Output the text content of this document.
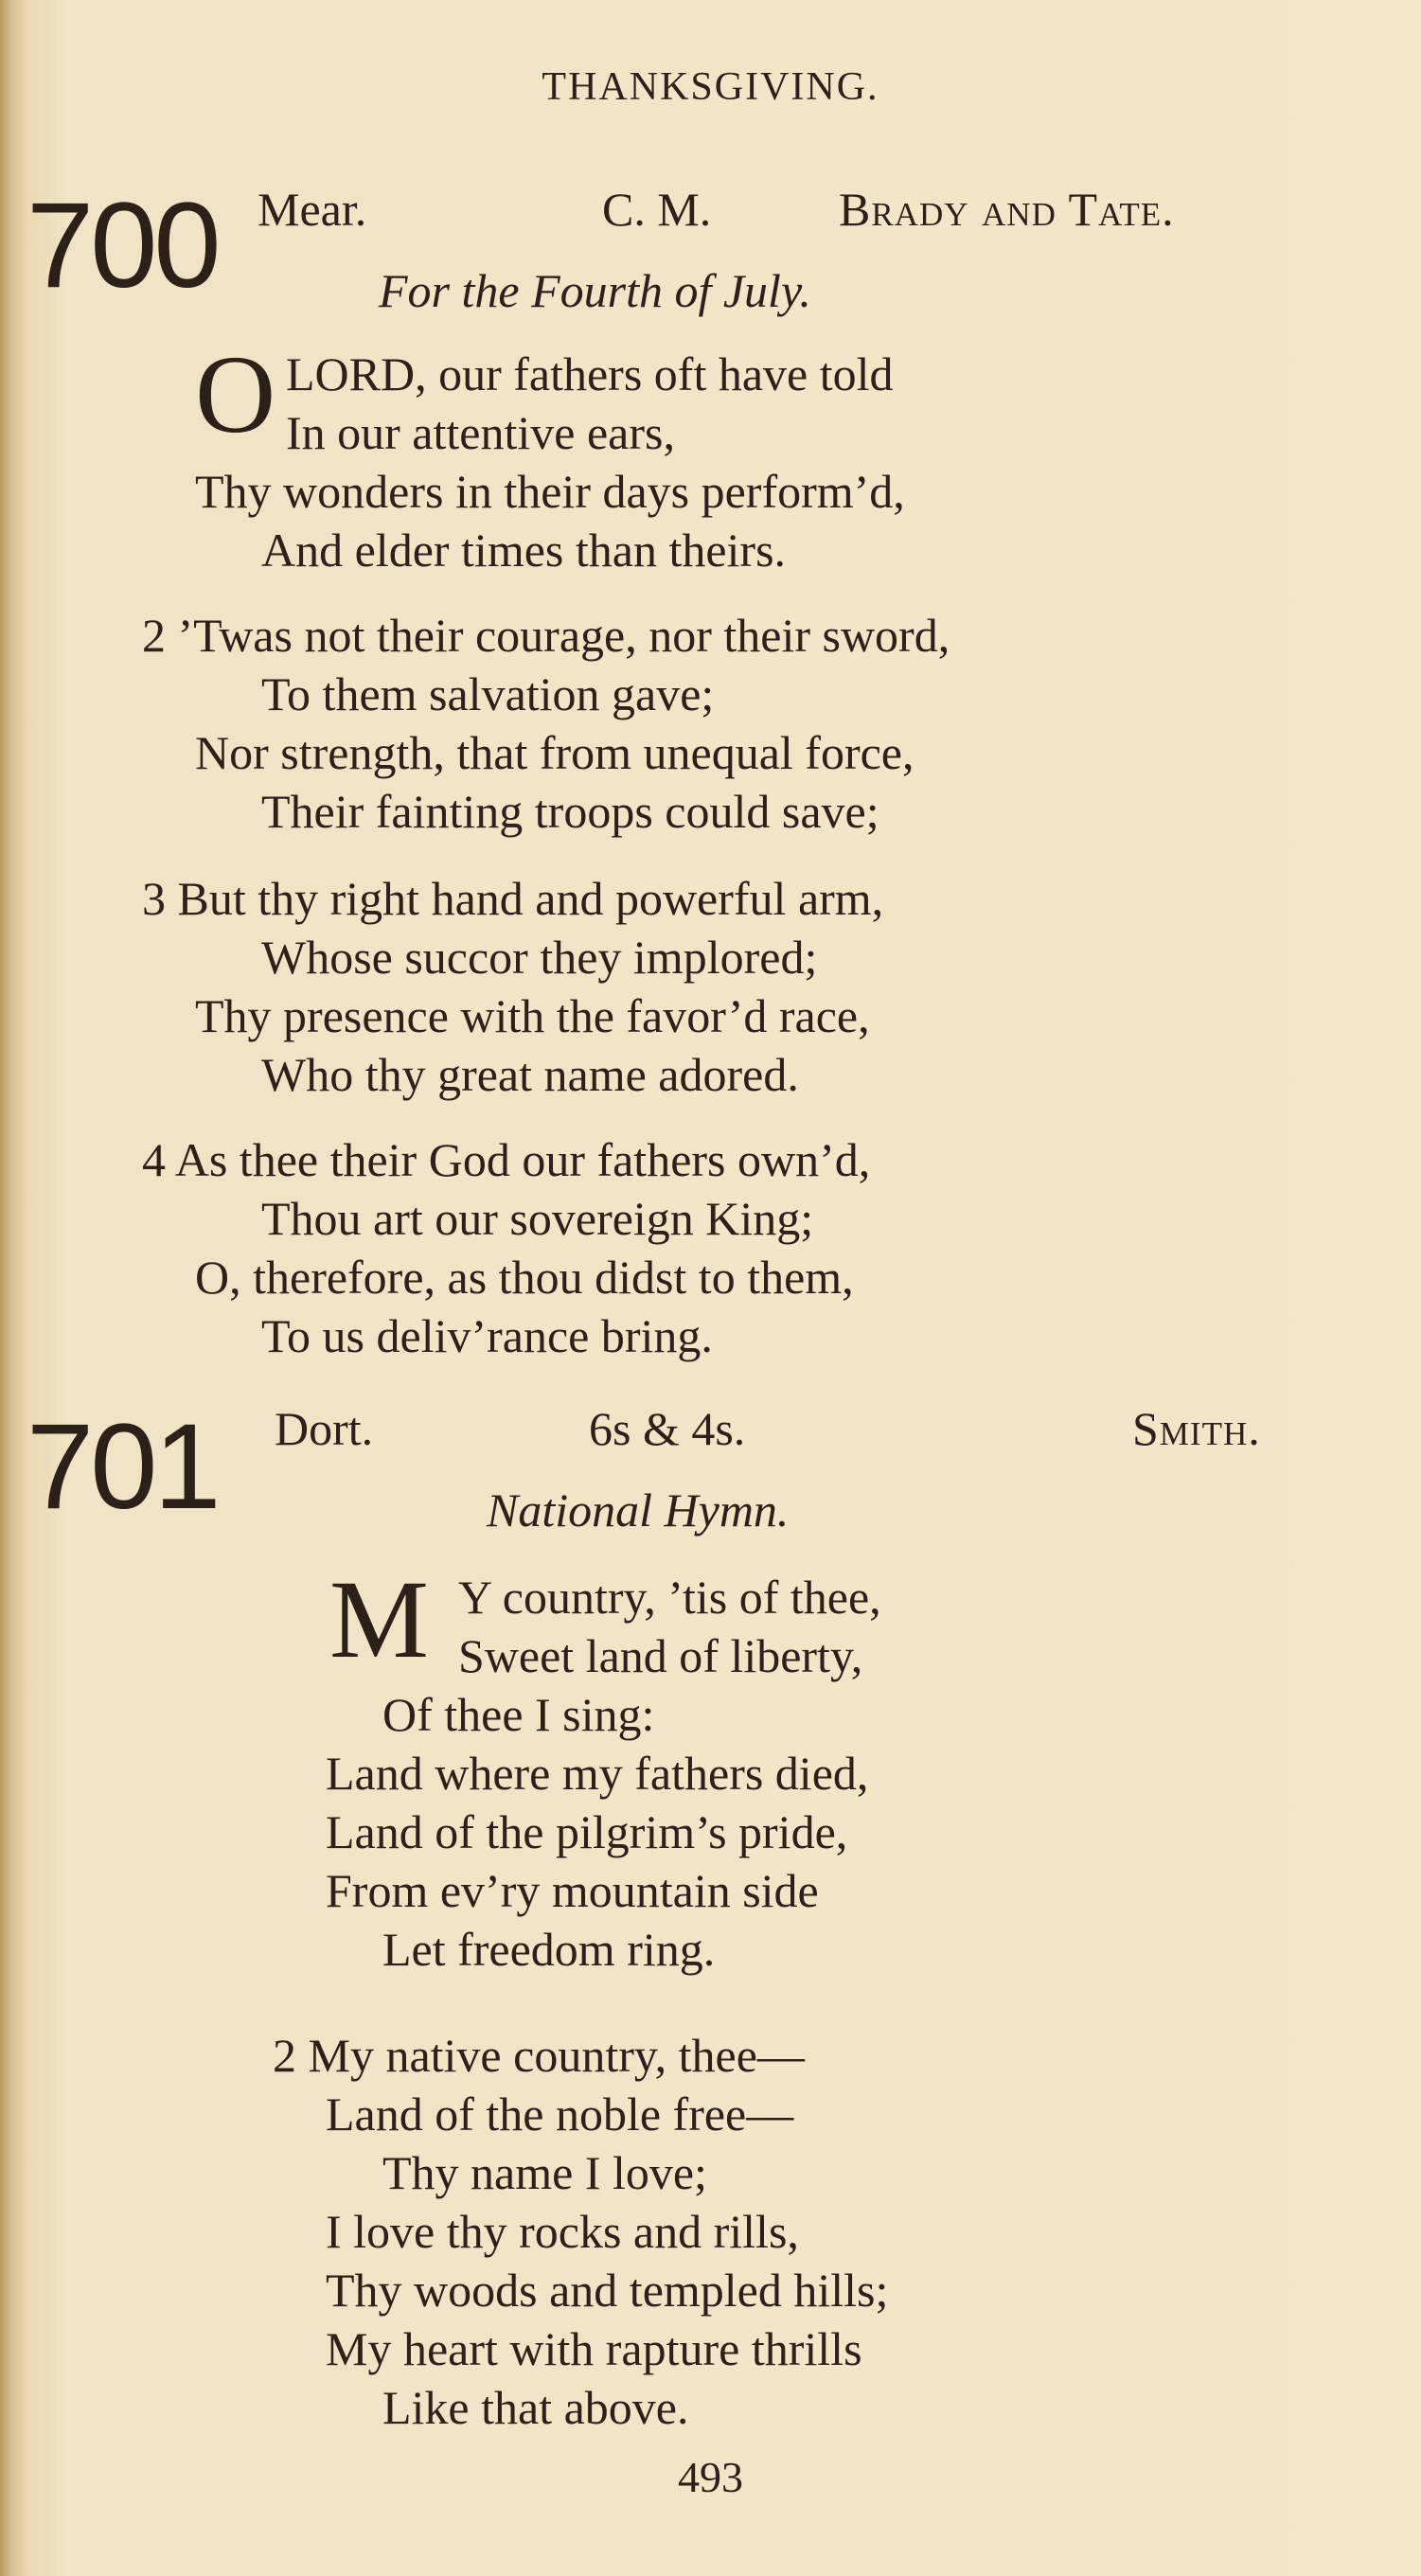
THANKSGIVING.
700 Mear.	C. M.	Brady and Tate.
For the Fourth of July.
O LORD, our fathers oft have told
In our attentive ears,
Thy wonders in their days perform’d,
And elder times than theirs.
2 ’Twas not their courage, nor their sword,
To them salvation gave;
Nor strength, that from unequal force,
Their fainting troops could save;
3 But thy right hand and powerful arm,
Whose succor they implored;
Thy presence with the favor’d race,
Who thy great name adored.
4 As thee their God our fathers own’d,
Thou art our sovereign King;
O, therefore, as thou didst to them,
To us deliv’rance bring.
701 Dort.	6s & 4s.	Smith.
National Hymn.
M Y country, ’tis of thee,
Sweet land of liberty,
Of thee I sing:
Land where my fathers died,
Land of the pilgrim’s pride,
From ev’ry mountain side
Let freedom ring.
2 My native country, thee—
Land of the noble free—
Thy name I love;
I love thy rocks and rills,
Thy woods and templed hills;
My heart with rapture thrills
Like that above.
493
